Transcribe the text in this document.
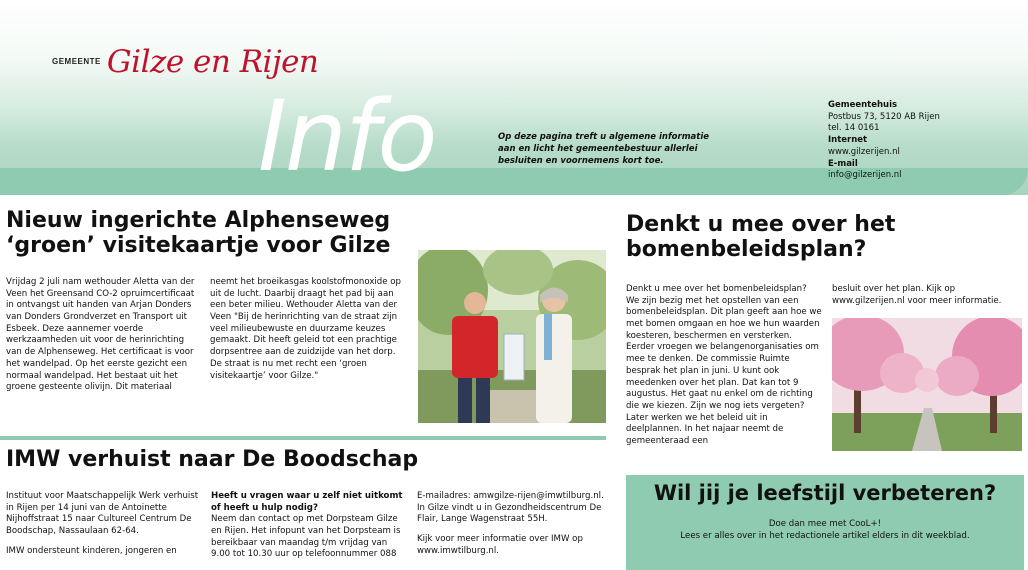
GEMEENTE Gilze en Rijen
Info	Op deze pagina treft u algemene informatie aan en licht het gemeentebestuur allerlei besluiten en voornemens kort toe.
Gemeentehuis
Postbus 73, 5120 AB Rijen
tel. 14 0161
Internet
www.gilzerijen.nl
E-mail
info@gilzerijen.nl
Nieuw ingerichte Alphenseweg ‘groen’ visitekaartje voor Gilze

Vrijdag 2 juli nam wethouder Aletta van der Veen het Greensand CO-2 opruimcertificaat in ontvangst uit handen van Arjan Donders van Donders Grondverzet en Transport uit Esbeek. Deze aannemer voerde werkzaamheden uit voor de herinrichting van de Alphenseweg. Het certificaat is voor het wandelpad. Op het eerste gezicht een normaal wandelpad. Het bestaat uit het groene gesteente olivijn. Dit materiaal

neemt het broeikasgas koolstofmonoxide op uit de lucht. Daarbij draagt het pad bij aan een beter milieu. Wethouder Aletta van der Veen "Bij de herinrichting van de straat zijn veel milieubewuste en duurzame keuzes gemaakt. Dit heeft geleid tot een prachtige dorpsentree aan de zuidzijde van het dorp. De straat is nu met recht een ‘groen visitekaartje’ voor Gilze."

IMW verhuist naar De Boodschap

Instituut voor Maatschappelijk Werk verhuist in Rijen per 14 juni van de Antoinette Nijhoffstraat 15 naar Cultureel Centrum De Boodschap, Nassaulaan 62-64.

IMW ondersteunt kinderen, jongeren en

Heeft u vragen waar u zelf niet uitkomt of heeft u hulp nodig?
Neem dan contact op met Dorpsteam Gilze en Rijen. Het infopunt van het Dorpsteam is bereikbaar van maandag t/m vrijdag van 9.00 tot 10.30 uur op telefoonnummer 088

E-mailadres: amwgilze-rijen@imwtilburg.nl. In Gilze vindt u in Gezondheidscentrum De Flair, Lange Wagenstraat 55H.

Kijk voor meer informatie over IMW op www.imwtilburg.nl.

Denkt u mee over het bomenbeleidsplan?

Denkt u mee over het bomenbeleidsplan? We zijn bezig met het opstellen van een bomenbeleidsplan. Dit plan geeft aan hoe we met bomen omgaan en hoe we hun waarden koesteren, beschermen en versterken. Eerder vroegen we belangenorganisaties om mee te denken. De commissie Ruimte besprak het plan in juni. U kunt ook meedenken over het plan. Dat kan tot 9 augustus. Het gaat nu enkel om de richting die we kiezen. Zijn we nog iets vergeten? Later werken we het beleid uit in deelplannen. In het najaar neemt de gemeenteraad een

besluit over het plan. Kijk op www.gilzerijen.nl voor meer informatie.

Wil jij je leefstijl verbeteren?
Doe dan mee met CooL+!
Lees er alles over in het redactionele artikel elders in dit weekblad.
